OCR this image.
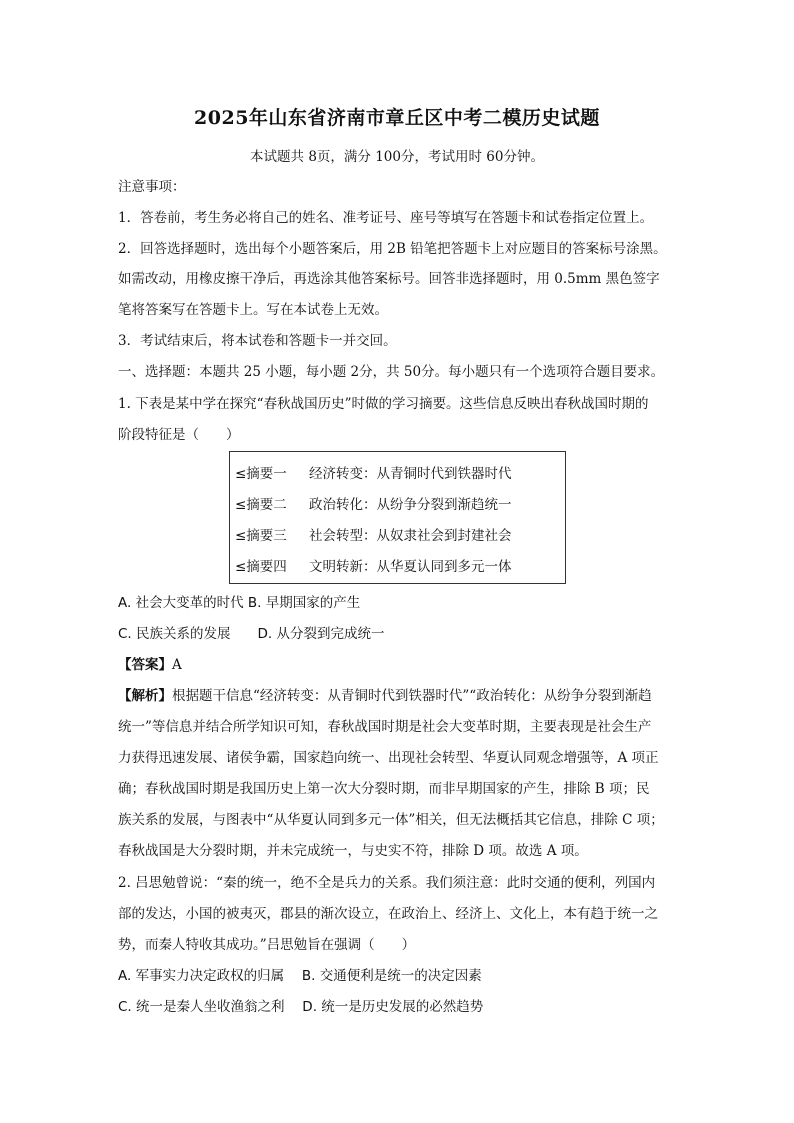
2025年山东省济南市章丘区中考二模历史试题
本试题共 8页，满分 100分，考试用时 60分钟。
注意事项：
1．答卷前，考生务必将自己的姓名、准考证号、座号等填写在答题卡和试卷指定位置上。
2．回答选择题时，选出每个小题答案后，用 2B 铅笔把答题卡上对应题目的答案标号涂黑。
如需改动，用橡皮擦干净后，再选涂其他答案标号。回答非选择题时，用 0.5mm 黑色签字
笔将答案写在答题卡上。写在本试卷上无效。
3．考试结束后，将本试卷和答题卡一并交回。
一、选择题：本题共 25 小题，每小题 2分，共 50分。每小题只有一个选项符合题目要求。
1. 下表是某中学在探究“春秋战国历史”时做的学习摘要。这些信息反映出春秋战国时期的
阶段特征是（　　）
≤摘要一 经济转变：从青铜时代到铁器时代
≤摘要二 政治转化：从纷争分裂到渐趋统一
≤摘要三 社会转型：从奴隶社会到封建社会
≤摘要四 文明转新：从华夏认同到多元一体
A. 社会大变革的时代 B. 早期国家的产生
C. 民族关系的发展　　D. 从分裂到完成统一
【答案】A
【解析】根据题干信息“经济转变：从青铜时代到铁器时代”“政治转化：从纷争分裂到渐趋
统一”等信息并结合所学知识可知，春秋战国时期是社会大变革时期，主要表现是社会生产
力获得迅速发展、诸侯争霸，国家趋向统一、出现社会转型、华夏认同观念增强等，A 项正
确；春秋战国时期是我国历史上第一次大分裂时期，而非早期国家的产生，排除 B 项；民
族关系的发展，与图表中“从华夏认同到多元一体”相关，但无法概括其它信息，排除 C 项；
春秋战国是大分裂时期，并未完成统一，与史实不符，排除 D 项。故选 A 项。
2. 吕思勉曾说：“秦的统一，绝不全是兵力的关系。我们须注意：此时交通的便利，列国内
部的发达，小国的被夷灭，郡县的渐次设立，在政治上、经济上、文化上，本有趋于统一之
势，而秦人特收其成功。”吕思勉旨在强调（　　）
A. 军事实力决定政权的归属　 B. 交通便利是统一的决定因素
C. 统一是秦人坐收渔翁之利　 D. 统一是历史发展的必然趋势
